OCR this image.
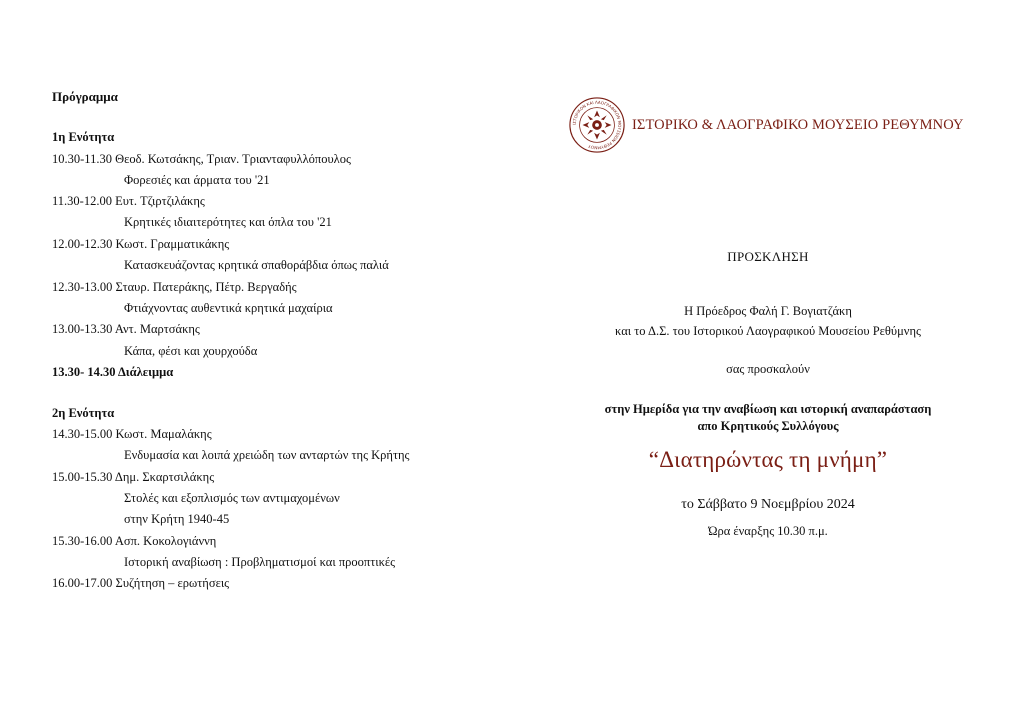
Πρόγραμμα
1η Ενότητα
10.30-11.30 Θεοδ. Κωτσάκης, Τριαν. Τριανταφυλλόπουλος
Φορεσιές και άρματα του '21
11.30-12.00 Ευτ. Τζιρτζιλάκης
Κρητικές ιδιαιτερότητες και όπλα του '21
12.00-12.30 Κωστ. Γραμματικάκης
Κατασκευάζοντας κρητικά σπαθοράβδια όπως παλιά
12.30-13.00 Σταυρ. Πατεράκης, Πέτρ. Βεργαδής
Φτιάχνοντας αυθεντικά κρητικά μαχαίρια
13.00-13.30 Αντ. Μαρτσάκης
Κάπα, φέσι και χουρχούδα
13.30- 14.30 Διάλειμμα
2η Ενότητα
14.30-15.00 Κωστ. Μαμαλάκης
Ενδυμασία και λοιπά χρειώδη των ανταρτών της Κρήτης
15.00-15.30 Δημ. Σκαρτσιλάκης
Στολές και εξοπλισμός των αντιμαχομένων
στην Κρήτη 1940-45
15.30-16.00 Ασπ. Κοκολογιάννη
Ιστορική αναβίωση : Προβληματισμοί και προοπτικές
16.00-17.00 Συζήτηση – ερωτήσεις
ΙΣΤΟΡΙΚΟΝ ΚΑΙ ΛΑΟΓΡΑΦΙΚΟΝ ΜΟΥΣΕΙΟΝ ΡΕΘΥΜΝΟΥ
ΙΣΤΟΡΙΚΟ & ΛΑΟΓΡΑΦΙΚΟ ΜΟΥΣΕΙΟ ΡΕΘΥΜΝΟΥ
ΠΡΟΣΚΛΗΣΗ
Η Πρόεδρος Φαλή Γ. Βογιατζάκη
και το Δ.Σ. του Ιστορικού Λαογραφικού Μουσείου Ρεθύμνης
σας προσκαλούν
στην Ημερίδα για την αναβίωση και ιστορική αναπαράσταση
απο Κρητικούς Συλλόγους
“Διατηρώντας τη μνήμη”
το Σάββατο 9 Νοεμβρίου 2024
Ώρα έναρξης 10.30 π.μ.
